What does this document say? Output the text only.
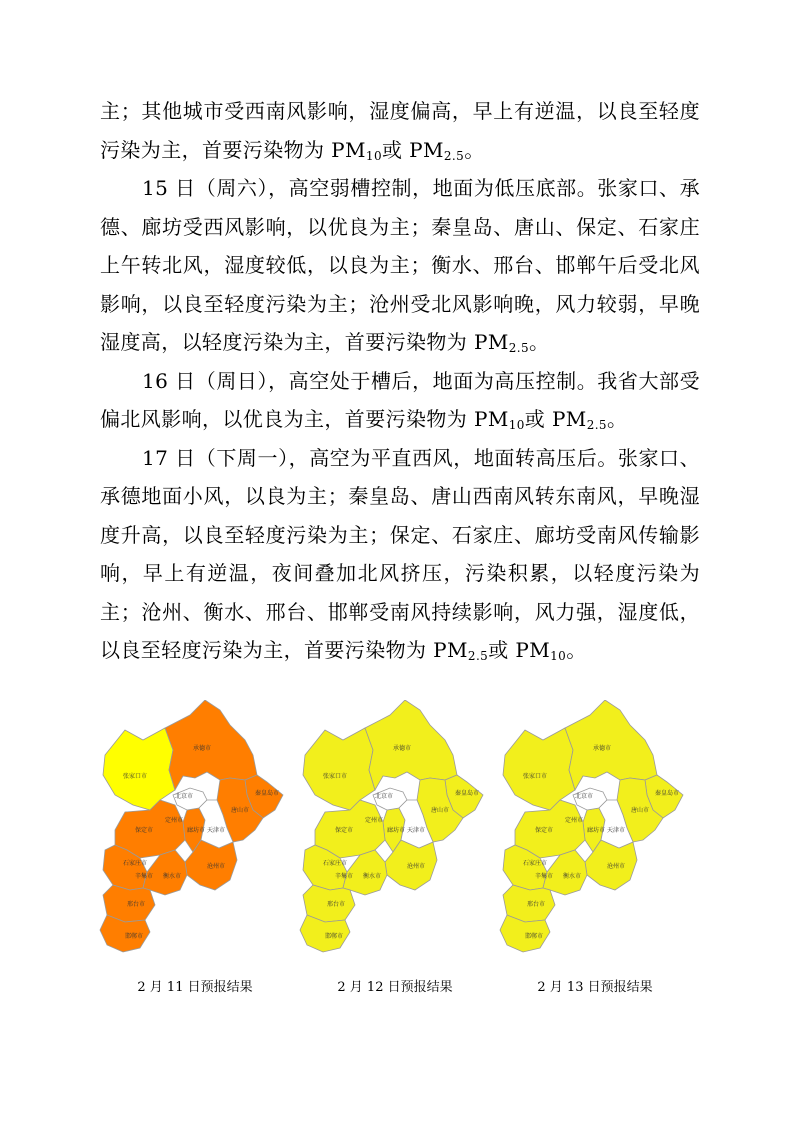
主；其他城市受西南风影响，湿度偏高，早上有逆温，以良至轻度污染为主，首要污染物为 $PM_{10}$或 $PM_{2.5}$。

15 日（周六），高空弱槽控制，地面为低压底部。张家口、承德、廊坊受西风影响，以优良为主；秦皇岛、唐山、保定、石家庄上午转北风，湿度较低，以良为主；衡水、邢台、邯郸午后受北风影响，以良至轻度污染为主；沧州受北风影响晚，风力较弱，早晚湿度高，以轻度污染为主，首要污染物为 $PM_{2.5}$。

16 日（周日），高空处于槽后，地面为高压控制。我省大部受偏北风影响，以优良为主，首要污染物为 $PM_{10}$或 $PM_{2.5}$。

17 日（下周一），高空为平直西风，地面转高压后。张家口、承德地面小风，以良为主；秦皇岛、唐山西南风转东南风，早晚湿度升高，以良至轻度污染为主；保定、石家庄、廊坊受南风传输影响，早上有逆温，夜间叠加北风挤压，污染积累，以轻度污染为主；沧州、衡水、邢台、邯郸受南风持续影响，风力强，湿度低，以良至轻度污染为主，首要污染物为 $PM_{2.5}$或 $PM_{10}$。

张家口市
承德市
秦皇岛市
北京市
唐山市
廊坊市 天津市
保定市
定州市
沧州市
石家庄市
辛集市 衡水市
邢台市
邯郸市
2 月 11 日预报结果
张家口市
承德市
秦皇岛市
北京市
唐山市
廊坊市 天津市
保定市
定州市
沧州市
石家庄市
辛集市 衡水市
邢台市
邯郸市
2 月 12 日预报结果
张家口市
承德市
秦皇岛市
北京市
唐山市
廊坊市 天津市
保定市
定州市
沧州市
石家庄市
辛集市 衡水市
邢台市
邯郸市
2 月 13 日预报结果
